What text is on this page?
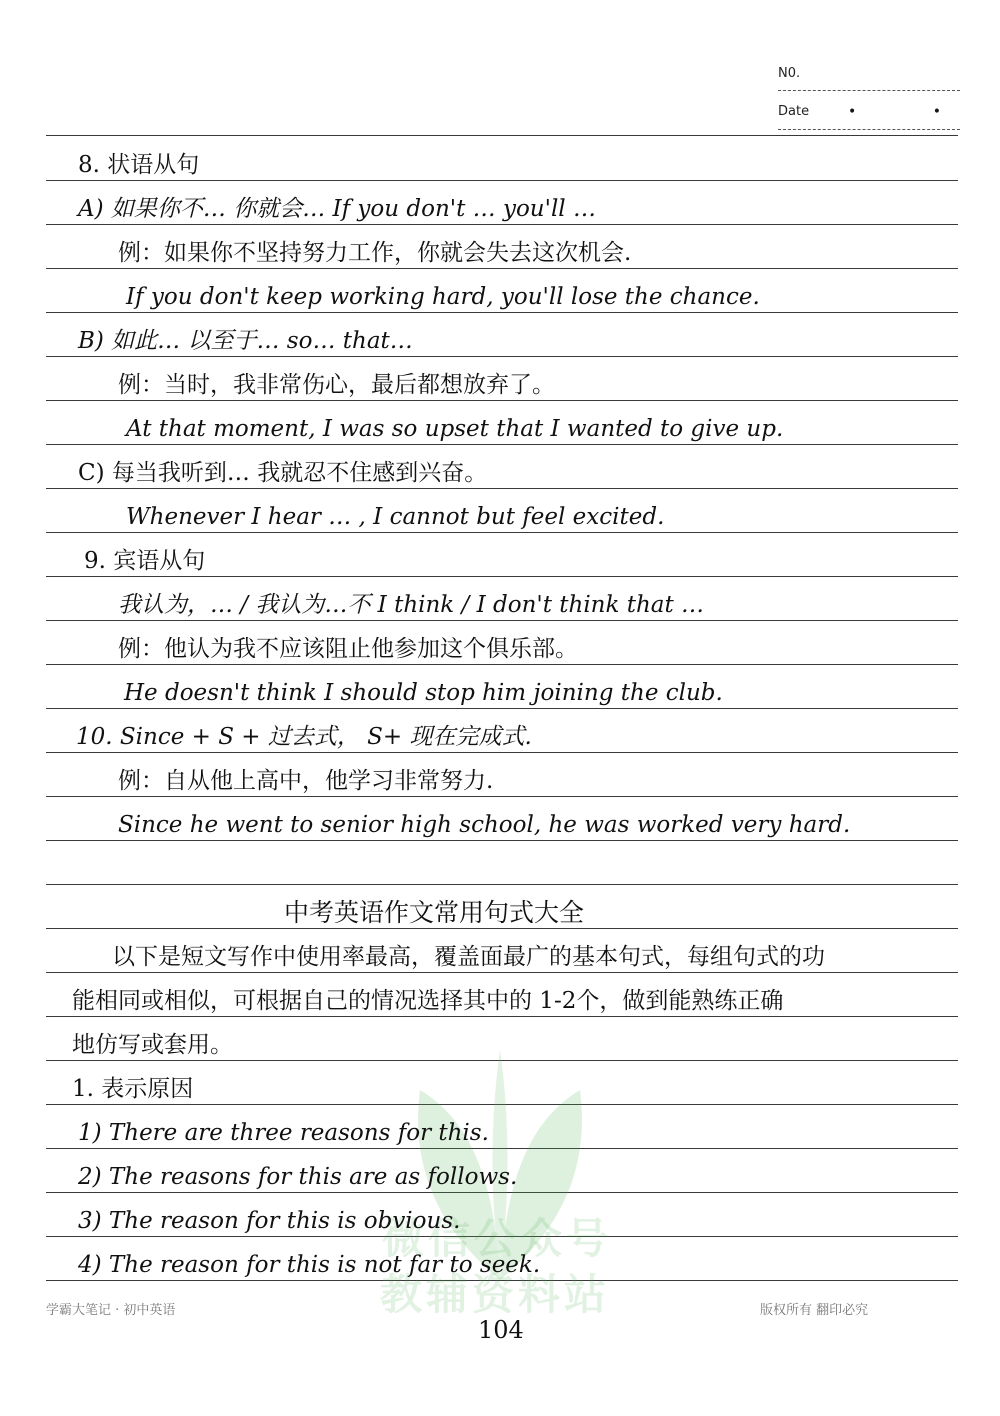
N0.
Date	• •
微信公众号
教辅资料站
8. 状语从句
A) 如果你不… 你就会… If you don't … you'll …
例：如果你不坚持努力工作，你就会失去这次机会.
If you don't keep working hard, you'll lose the chance.
B) 如此… 以至于… so… that…
例：当时，我非常伤心，最后都想放弃了。
At that moment, I was so upset that I wanted to give up.
C) 每当我听到… 我就忍不住感到兴奋。
Whenever I hear … , I cannot but feel excited.
9. 宾语从句
我认为，… / 我认为…不 I think / I don't think that …
例：他认为我不应该阻止他参加这个俱乐部。
He doesn't think I should stop him joining the club.
10. Since + S + 过去式， S+ 现在完成式.
例：自从他上高中，他学习非常努力.
Since he went to senior high school, he was worked very hard.
中考英语作文常用句式大全
以下是短文写作中使用率最高，覆盖面最广的基本句式，每组句式的功
能相同或相似，可根据自己的情况选择其中的 1-2个，做到能熟练正确
地仿写或套用。
1. 表示原因
1) There are three reasons for this.
2) The reasons for this are as follows.
3) The reason for this is obvious.
4) The reason for this is not far to seek.
学霸大笔记 · 初中英语	版权所有 翻印必究
104
